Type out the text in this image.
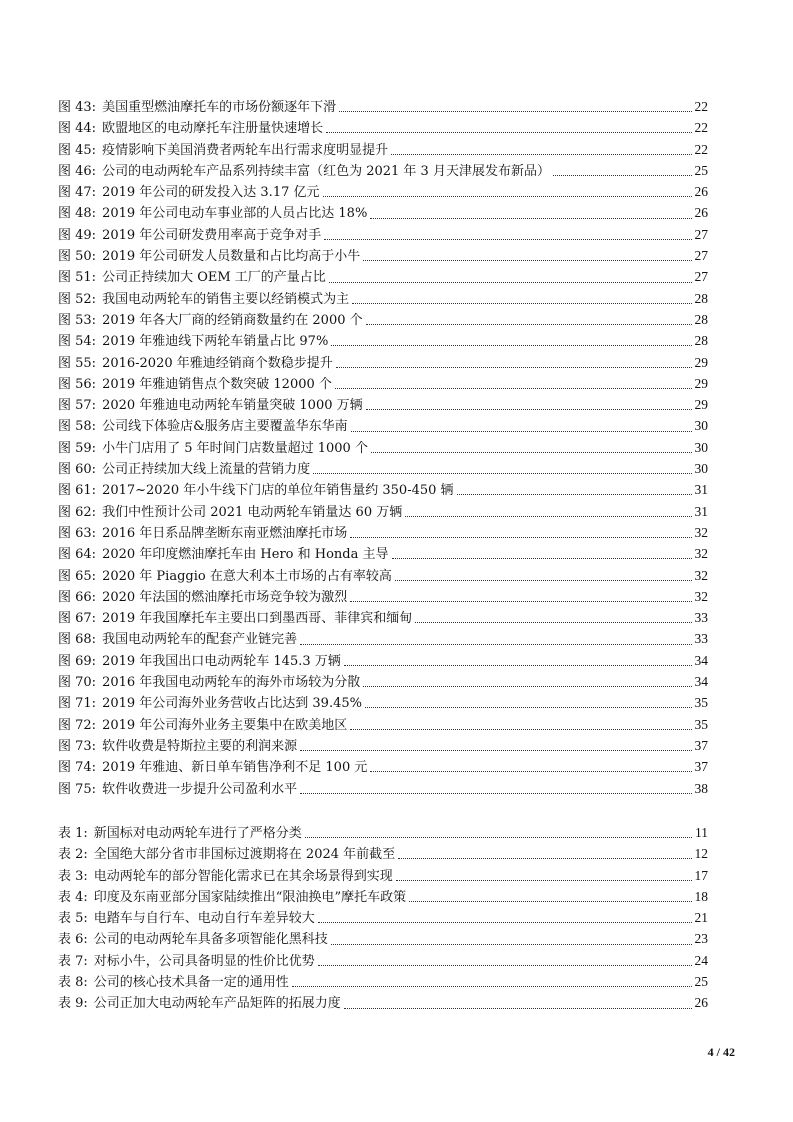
图 43: 美国重型燃油摩托车的市场份额逐年下滑	22
图 44: 欧盟地区的电动摩托车注册量快速增长	22
图 45: 疫情影响下美国消费者两轮车出行需求度明显提升	22
图 46: 公司的电动两轮车产品系列持续丰富（红色为 2021 年 3 月天津展发布新品）	25
图 47: 2019 年公司的研发投入达 3.17 亿元	26
图 48: 2019 年公司电动车事业部的人员占比达 18%	26
图 49: 2019 年公司研发费用率高于竞争对手	27
图 50: 2019 年公司研发人员数量和占比均高于小牛	27
图 51: 公司正持续加大 OEM 工厂的产量占比	27
图 52: 我国电动两轮车的销售主要以经销模式为主	28
图 53: 2019 年各大厂商的经销商数量约在 2000 个	28
图 54: 2019 年雅迪线下两轮车销量占比 97%	28
图 55: 2016-2020 年雅迪经销商个数稳步提升	29
图 56: 2019 年雅迪销售点个数突破 12000 个	29
图 57: 2020 年雅迪电动两轮车销量突破 1000 万辆	29
图 58: 公司线下体验店&服务店主要覆盖华东华南	30
图 59: 小牛门店用了 5 年时间门店数量超过 1000 个	30
图 60: 公司正持续加大线上流量的营销力度	30
图 61: 2017~2020 年小牛线下门店的单位年销售量约 350-450 辆	31
图 62: 我们中性预计公司 2021 电动两轮车销量达 60 万辆	31
图 63: 2016 年日系品牌垄断东南亚燃油摩托市场	32
图 64: 2020 年印度燃油摩托车由 Hero 和 Honda 主导	32
图 65: 2020 年 Piaggio 在意大利本土市场的占有率较高	32
图 66: 2020 年法国的燃油摩托市场竞争较为激烈	32
图 67: 2019 年我国摩托车主要出口到墨西哥、菲律宾和缅甸	33
图 68: 我国电动两轮车的配套产业链完善	33
图 69: 2019 年我国出口电动两轮车 145.3 万辆	34
图 70: 2016 年我国电动两轮车的海外市场较为分散	34
图 71: 2019 年公司海外业务营收占比达到 39.45%	35
图 72: 2019 年公司海外业务主要集中在欧美地区	35
图 73: 软件收费是特斯拉主要的利润来源	37
图 74: 2019 年雅迪、新日单车销售净利不足 100 元	37
图 75: 软件收费进一步提升公司盈利水平	38
表 1: 新国标对电动两轮车进行了严格分类	11
表 2: 全国绝大部分省市非国标过渡期将在 2024 年前截至	12
表 3: 电动两轮车的部分智能化需求已在其余场景得到实现	17
表 4: 印度及东南亚部分国家陆续推出“限油换电”摩托车政策	18
表 5: 电踏车与自行车、电动自行车差异较大	21
表 6: 公司的电动两轮车具备多项智能化黑科技	23
表 7: 对标小牛，公司具备明显的性价比优势	24
表 8: 公司的核心技术具备一定的通用性	25
表 9: 公司正加大电动两轮车产品矩阵的拓展力度	26
4 / 42
